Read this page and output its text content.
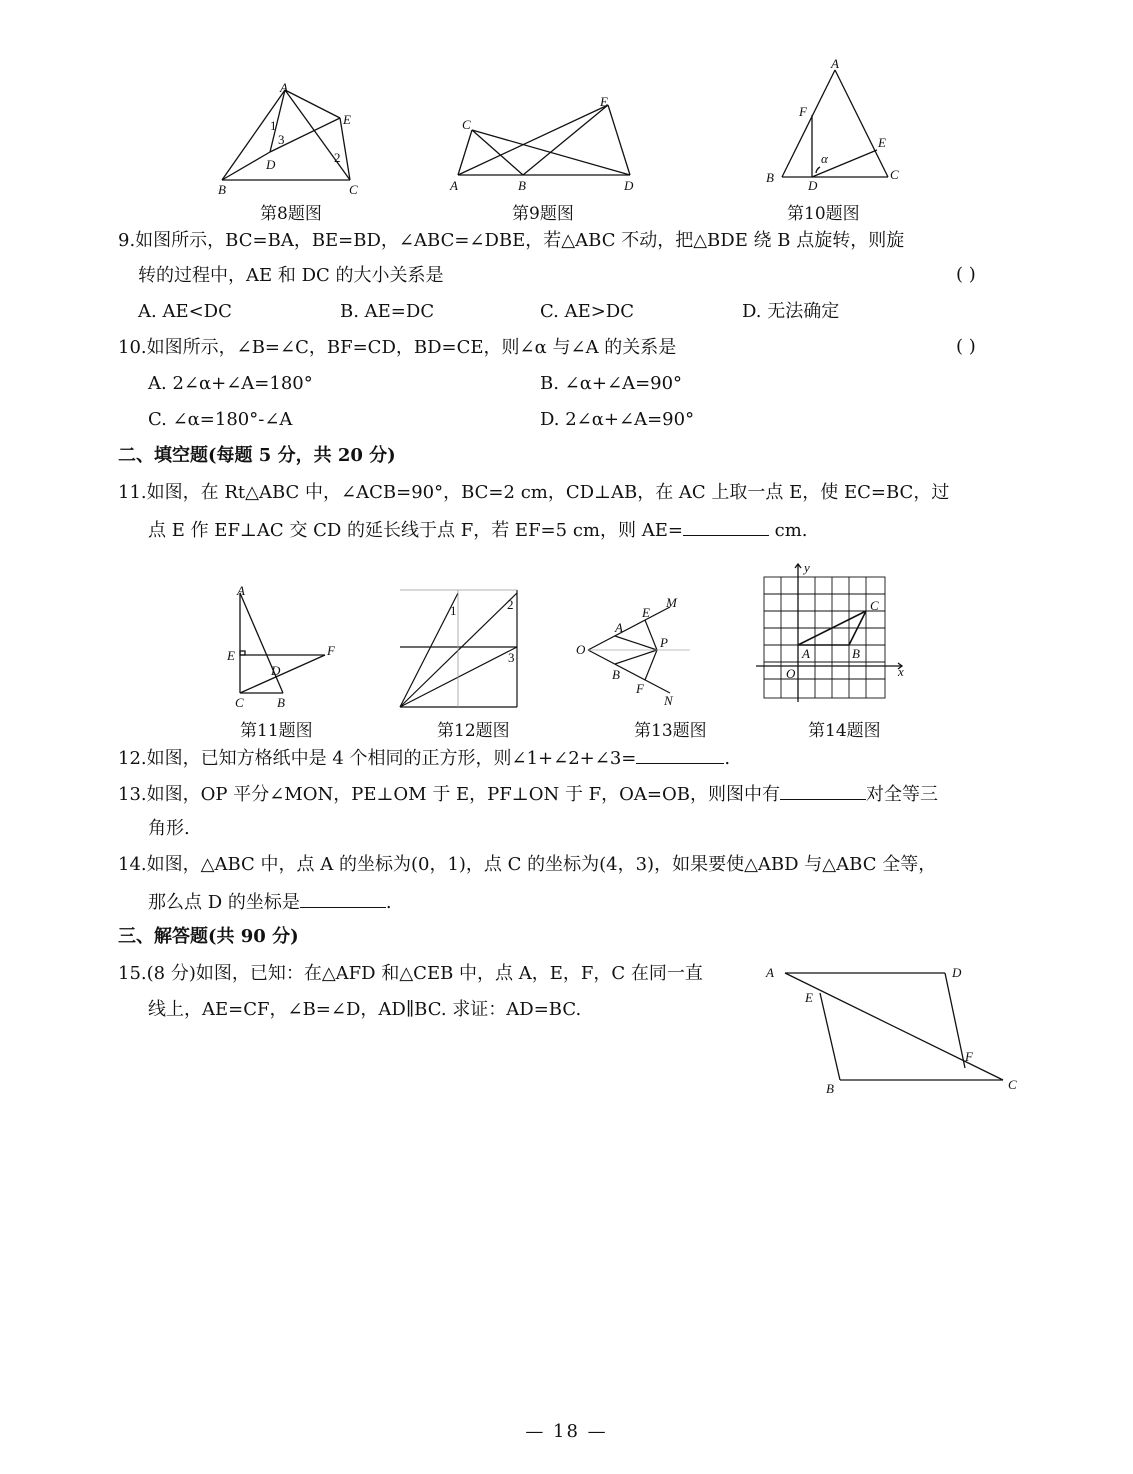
A
B	C
D
E
1
2
3
第8题图
A	B
C
D
E
第9题图
A
B	C
D
E
F
α
第10题图
9.如图所示，BC=BA，BE=BD，∠ABC=∠DBE，若△ABC 不动，把△BDE 绕 B 点旋转，则旋
转的过程中，AE 和 DC 的大小关系是	( )
A. AE<DC	B. AE=DC	C. AE>DC	D. 无法确定
10.如图所示，∠B=∠C，BF=CD，BD=CE，则∠α 与∠A 的关系是	( )
A. 2∠α+∠A=180°	B. ∠α+∠A=90°
C. ∠α=180°-∠A	D. 2∠α+∠A=90°
二、填空题(每题 5 分，共 20 分)
11.如图，在 Rt△ABC 中，∠ACB=90°，BC=2 cm，CD⊥AB，在 AC 上取一点 E，使 EC=BC，过
点 E 作 EF⊥AC 交 CD 的延长线于点 F，若 EF=5 cm，则 AE=	cm.
A
E	F
D
C	B
第11题图
1	2
3
第12题图
O
A
B
E
F
M
N
P
第13题图
y
x
O
A	B
C
第14题图
12.如图，已知方格纸中是 4 个相同的正方形，则∠1+∠2+∠3=	.
13.如图，OP 平分∠MON，PE⊥OM 于 E，PF⊥ON 于 F，OA=OB，则图中有	对全等三
角形.
14.如图，△ABC 中，点 A 的坐标为(0，1)，点 C 的坐标为(4，3)，如果要使△ABD 与△ABC 全等，
那么点 D 的坐标是	.
三、解答题(共 90 分)
15.(8 分)如图，已知：在△AFD 和△CEB 中，点 A，E，F，C 在同一直
线上，AE=CF，∠B=∠D，AD∥BC. 求证：AD=BC.
A	D
E
F
B	C
— 18 —
